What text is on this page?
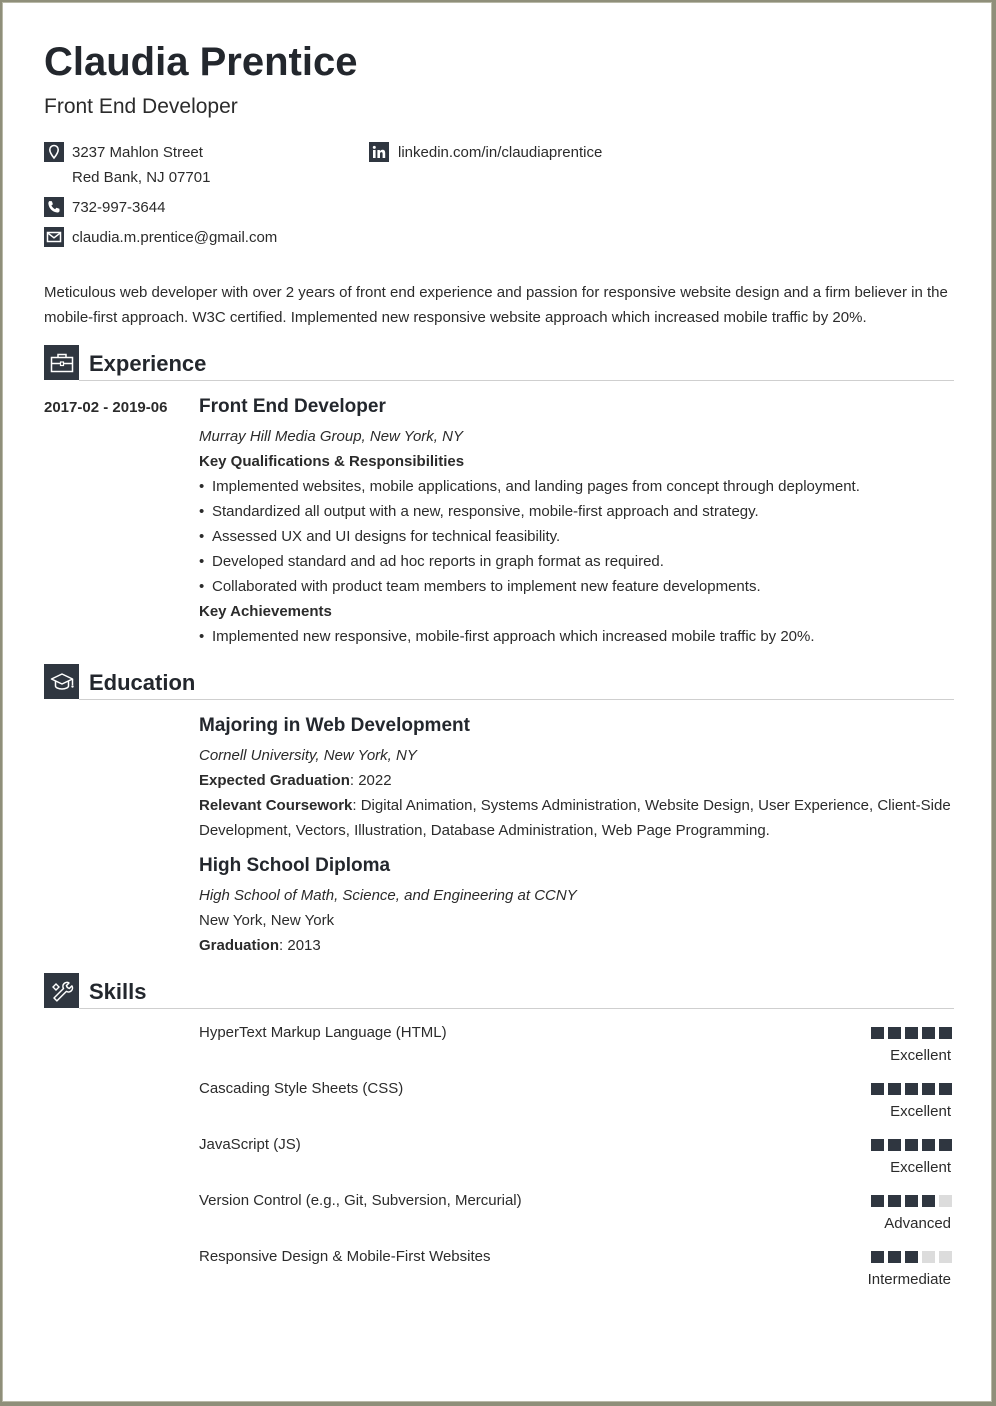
Claudia Prentice
Front End Developer
3237 Mahlon Street
Red Bank, NJ 07701
732-997-3644
claudia.m.prentice@gmail.com
linkedin.com/in/claudiaprentice
Meticulous web developer with over 2 years of front end experience and passion for responsive website design and a firm believer in the mobile-first approach. W3C certified. Implemented new responsive website approach which increased mobile traffic by 20%.
Experience
2017-02 - 2019-06 Front End Developer
Murray Hill Media Group, New York, NY
Key Qualifications & Responsibilities
• Implemented websites, mobile applications, and landing pages from concept through deployment.
• Standardized all output with a new, responsive, mobile-first approach and strategy.
• Assessed UX and UI designs for technical feasibility.
• Developed standard and ad hoc reports in graph format as required.
• Collaborated with product team members to implement new feature developments.
Key Achievements
• Implemented new responsive, mobile-first approach which increased mobile traffic by 20%.
Education
Majoring in Web Development
Cornell University, New York, NY
Expected Graduation: 2022
Relevant Coursework: Digital Animation, Systems Administration, Website Design, User Experience, Client-Side
Development, Vectors, Illustration, Database Administration, Web Page Programming.
High School Diploma
High School of Math, Science, and Engineering at CCNY
New York, New York
Graduation: 2013
Skills
HyperText Markup Language (HTML)
Excellent
Cascading Style Sheets (CSS)
Excellent
JavaScript (JS)
Excellent
Version Control (e.g., Git, Subversion, Mercurial)
Advanced
Responsive Design & Mobile-First Websites
Intermediate
